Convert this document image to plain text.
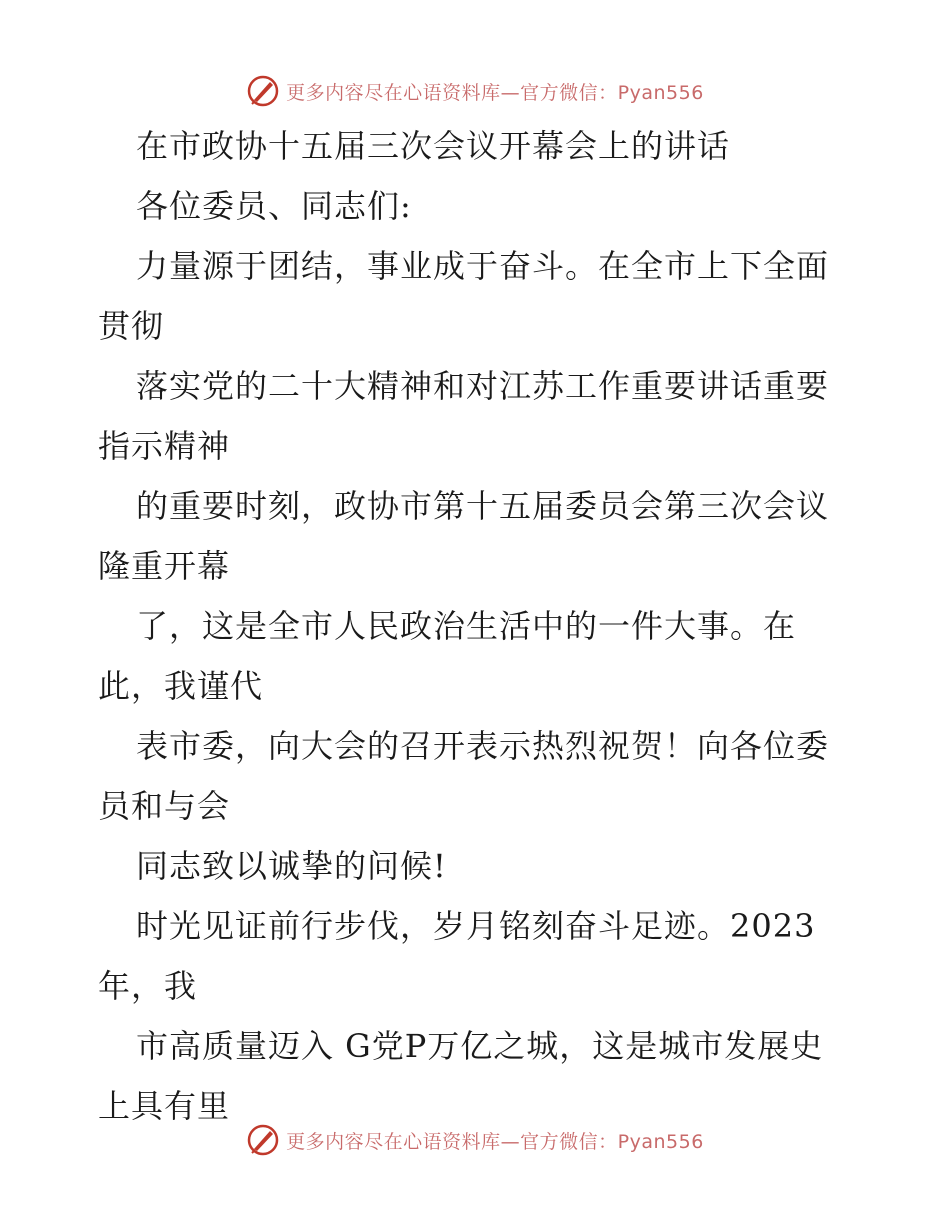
更多内容尽在心语资料库—官方微信：Pyan556
在市政协十五届三次会议开幕会上的讲话
各位委员、同志们:
力量源于团结，事业成于奋斗。在全市上下全面
贯彻
落实党的二十大精神和对江苏工作重要讲话重要
指示精神
的重要时刻，政协市第十五届委员会第三次会议
隆重开幕
了，这是全市人民政治生活中的一件大事。在
此，我谨代
表市委，向大会的召开表示热烈祝贺！向各位委
员和与会
同志致以诚挚的问候!
时光见证前行步伐，岁月铭刻奋斗足迹。2023
年，我
市高质量迈入 G党P万亿之城，这是城市发展史
上具有里
更多内容尽在心语资料库—官方微信：Pyan556
